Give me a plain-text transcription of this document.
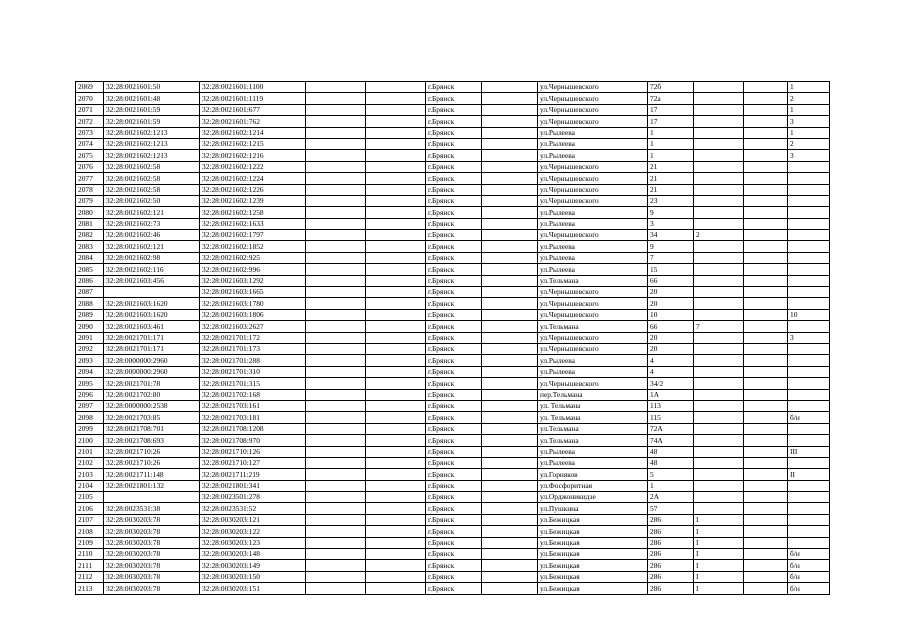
2069	32:28:0021601:50	32:28:0021601:1100			г.Брянск		ул.Чернышевского	72б			1
2070	32:28:0021601:48	32:28:0021601:1119			г.Брянск		ул.Чернышевского	72а			2
2071	32:28:0021601:59	32:28:0021601:677			г.Брянск		ул.Чернышевского	17			1
2072	32:28:0021601:59	32:28:0021601:762			г.Брянск		ул.Чернышевского	17			3
2073	32:28:0021602:1213	32:28:0021602:1214			г.Брянск		ул.Рылеева	1			1
2074	32:28:0021602:1213	32:28:0021602:1215			г.Брянск		ул.Рылеева	1			2
2075	32:28:0021602:1213	32:28:0021602:1216			г.Брянск		ул.Рылеева	1			3
2076	32:28:0021602:58	32:28:0021602:1222			г.Брянск		ул.Чернышевского	21			
2077	32:28:0021602:58	32:28:0021602:1224			г.Брянск		ул.Чернышевского	21			
2078	32:28:0021602:58	32:28:0021602:1226			г.Брянск		ул.Чернышевского	21			
2079	32:28:0021602:50	32:28:0021602:1239			г.Брянск		ул.Чернышевского	23			
2080	32:28:0021602:121	32:28:0021602:1258			г.Брянск		ул.Рылеева	9			
2081	32:28:0021602:73	32:28:0021602:1633			г.Брянск		ул.Рылеева	3			
2082	32:28:0021602:46	32:28:0021602:1797			г.Брянск		ул.Чернышевского	34	2		
2083	32:28:0021602:121	32:28:0021602:1852			г.Брянск		ул.Рылеева	9			
2084	32:28:0021602:98	32:28:0021602:925			г.Брянск		ул.Рылеева	7			
2085	32:28:0021602:116	32:28:0021602:996			г.Брянск		ул.Рылеева	15			
2086	32:28:0021603:456	32:28:0021603:1292			г.Брянск		ул.Тельмана	66			
2087		32:28:0021603:1665			г.Брянск		ул.Чернышевского	20			
2088	32:28:0021603:1620	32:28:0021603:1780			г.Брянск		ул.Чернышевского	20			
2089	32:28:0021603:1620	32:28:0021603:1806			г.Брянск		ул.Чернышевского	10			10
2090	32:28:0021603:461	32:28:0021603:2627			г.Брянск		ул.Тельмана	66	7		
2091	32:28:0021701:171	32:28:0021701:172			г.Брянск		ул.Чернышевского	20			3
2092	32:28:0021701:171	32:28:0021701:173			г.Брянск		ул.Чернышевского	20			
2093	32:28:0000000:2960	32:28:0021701:288			г.Брянск		ул.Рылеева	4			
2094	32:28:0000000:2960	32:28:0021701:310			г.Брянск		ул.Рылеева	4			
2095	32:28:0021701:78	32:28:0021701:315			г.Брянск		ул.Чернышевского	34/2			
2096	32:28:0021702:80	32:28:0021702:168			г.Брянск		пер.Тельмана	1А			
2097	32:28:0000000:2538	32:28:0021703:161			г.Брянск		ул. Тельмана	113			
2098	32:28:0021703:85	32:28:0021703:181			г.Брянск		ул. Тельмана	115			б/н
2099	32:28:0021708:701	32:28:0021708:1208			г.Брянск		ул.Тельмана	72А			
2100	32:28:0021708:693	32:28:0021708:970			г.Брянск		ул.Тельмана	74А			
2101	32:28:0021710:26	32:28:0021710:126			г.Брянск		ул.Рылеева	48			III
2102	32:28:0021710:26	32:28:0021710:127			г.Брянск		ул.Рылеева	48			
2103	32:28:0021711:148	32:28:0021711:219			г.Брянск		ул.Горняков	5			II
2104	32:28:0021801:132	32:28:0021801:341			г.Брянск		ул.Фосфоритная	1			
2105		32:28:0023501:278			г.Брянск		ул.Орджоникидзе	2А			
2106	32:28:0023531:38	32:28:0023531:52			г.Брянск		ул.Пушкина	57			
2107	32:28:0030203:78	32:28:0030203:121			г.Брянск		ул.Бежицкая	286	I		
2108	32:28:0030203:78	32:28:0030203:122			г.Брянск		ул.Бежицкая	286	I		
2109	32:28:0030203:78	32:28:0030203:123			г.Брянск		ул.Бежицкая	286	I		
2110	32:28:0030203:78	32:28:0030203:148			г.Брянск		ул.Бежицкая	286	I		б/н
2111	32:28:0030203:78	32:28:0030203:149			г.Брянск		ул.Бежицкая	286	I		б/н
2112	32:28:0030203:78	32:28:0030203:150			г.Брянск		ул.Бежицкая	286	I		б/н
2113	32:28:0030203:78	32:28:0030203:151			г.Брянск		ул.Бежицкая	286	I		б/н
